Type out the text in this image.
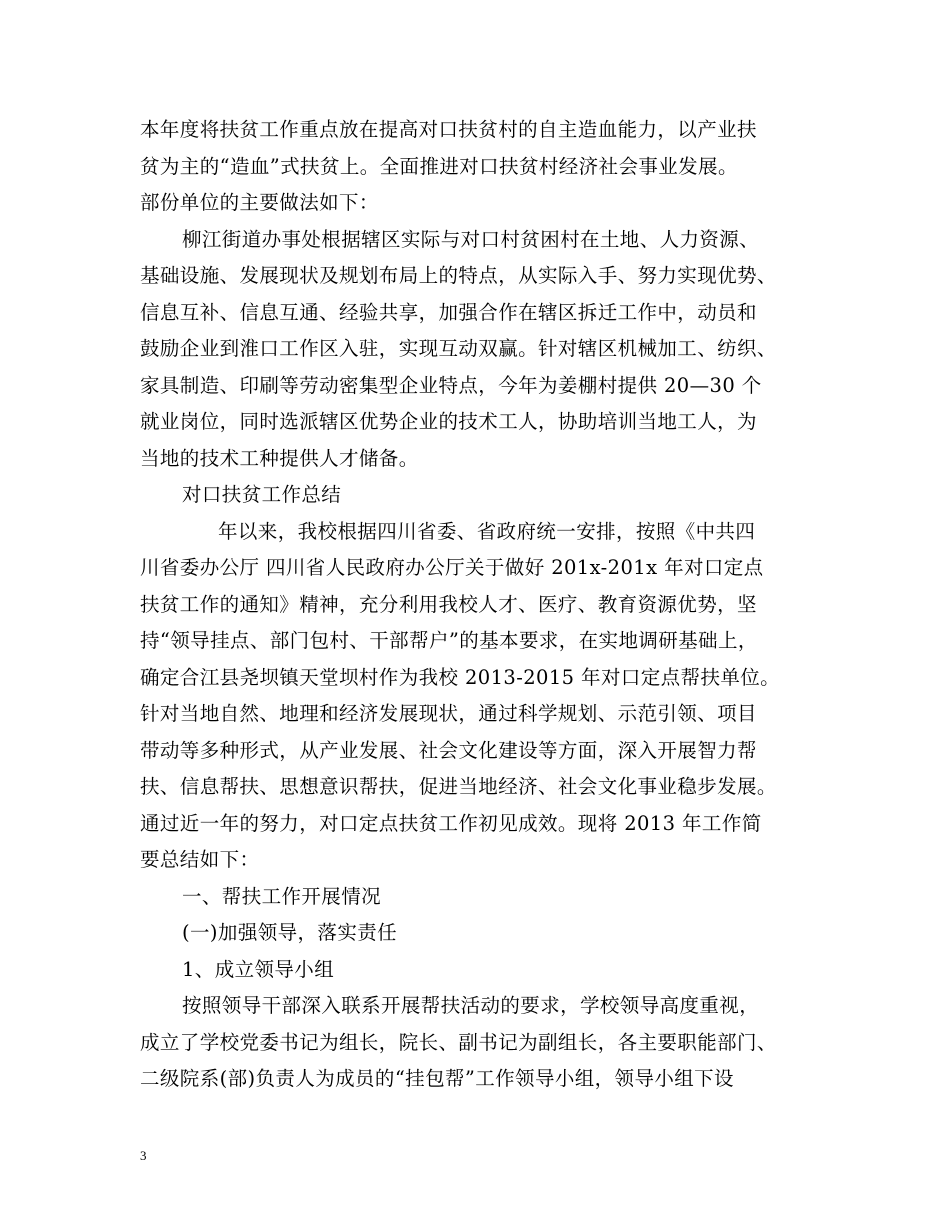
本年度将扶贫工作重点放在提高对口扶贫村的自主造血能力，以产业扶
贫为主的“造血”式扶贫上。全面推进对口扶贫村经济社会事业发展。
部份单位的主要做法如下：
柳江街道办事处根据辖区实际与对口村贫困村在土地、人力资源、
基础设施、发展现状及规划布局上的特点，从实际入手、努力实现优势、
信息互补、信息互通、经验共享，加强合作在辖区拆迁工作中，动员和
鼓励企业到淮口工作区入驻，实现互动双赢。针对辖区机械加工、纺织、
家具制造、印刷等劳动密集型企业特点，今年为姜棚村提供 20—30 个
就业岗位，同时选派辖区优势企业的技术工人，协助培训当地工人，为
当地的技术工种提供人才储备。
对口扶贫工作总结
年以来，我校根据四川省委、省政府统一安排，按照《中共四
川省委办公厅 四川省人民政府办公厅关于做好 201x-201x 年对口定点
扶贫工作的通知》精神，充分利用我校人才、医疗、教育资源优势，坚
持“领导挂点、部门包村、干部帮户”的基本要求，在实地调研基础上，
确定合江县尧坝镇天堂坝村作为我校 2013-2015 年对口定点帮扶单位。
针对当地自然、地理和经济发展现状，通过科学规划、示范引领、项目
带动等多种形式，从产业发展、社会文化建设等方面，深入开展智力帮
扶、信息帮扶、思想意识帮扶，促进当地经济、社会文化事业稳步发展。
通过近一年的努力，对口定点扶贫工作初见成效。现将 2013 年工作简
要总结如下：
一、帮扶工作开展情况
(一)加强领导，落实责任
1、成立领导小组
按照领导干部深入联系开展帮扶活动的要求，学校领导高度重视，
成立了学校党委书记为组长，院长、副书记为副组长，各主要职能部门、
二级院系(部)负责人为成员的“挂包帮”工作领导小组，领导小组下设
3
